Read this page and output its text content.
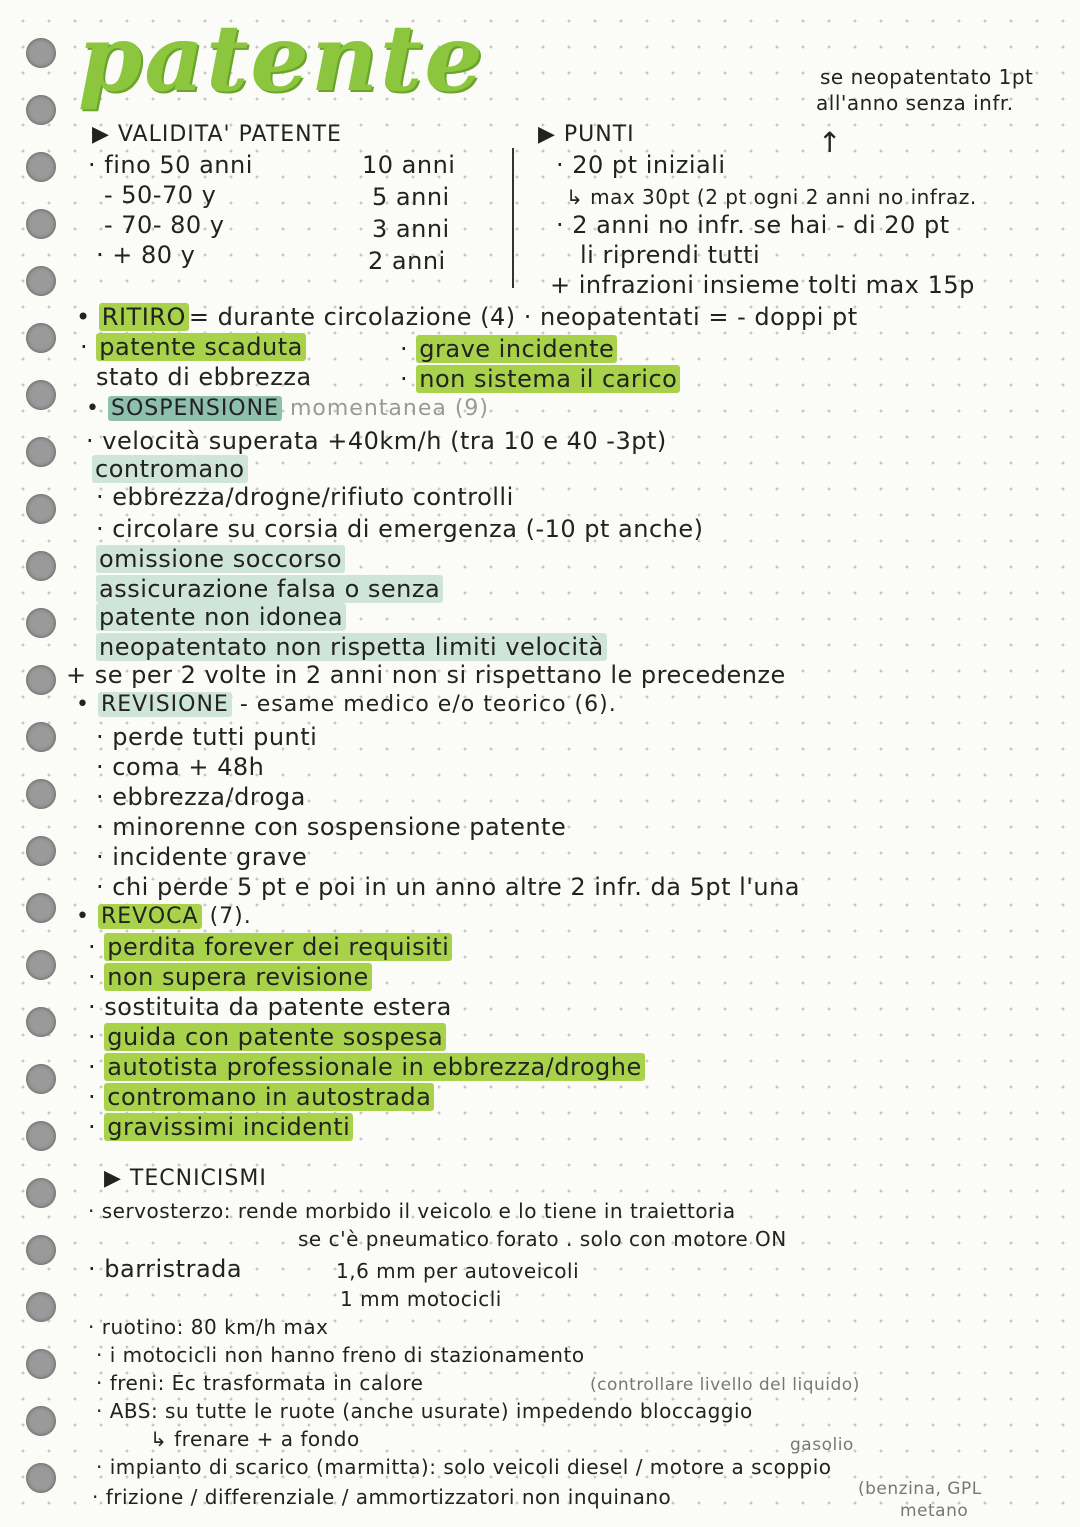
patente	se neopatentato 1pt
all'anno senza infr.
↑
▶ VALIDITA' PATENTE
· fino 50 anni	10 anni
- 50-70 y	5 anni
- 70- 80 y	3 anni
· + 80 y	2 anni
▶ PUNTI
· 20 pt iniziali
↳ max 30pt (2 pt ogni 2 anni no infraz.
· 2 anni no infr. se hai - di 20 pt
li riprendi tutti
+ infrazioni insieme tolti max 15p
• RITIRO = durante circolazione (4) · neopatentati = - doppi pt
· patente scaduta
stato di ebbrezza
· grave incidente
· non sistema il carico
• SOSPENSIONE momentanea (9)
· velocità superata +40km/h (tra 10 e 40 -3pt)
contromano
· ebbrezza/drogne/rifiuto controlli
· circolare su corsia di emergenza (-10 pt anche)
omissione soccorso
assicurazione falsa o senza
patente non idonea
neopatentato non rispetta limiti velocità
+ se per 2 volte in 2 anni non si rispettano le precedenze
• REVISIONE - esame medico e/o teorico (6).
· perde tutti punti
· coma + 48h
· ebbrezza/droga
· minorenne con sospensione patente
· incidente grave
· chi perde 5 pt e poi in un anno altre 2 infr. da 5pt l'una
• REVOCA (7).
· perdita forever dei requisiti
· non supera revisione
· sostituita da patente estera
· guida con patente sospesa
· autotista professionale in ebbrezza/droghe
· contromano in autostrada
· gravissimi incidenti
▶ TECNICISMI
· servosterzo: rende morbido il veicolo e lo tiene in traiettoria
se c'è pneumatico forato . solo con motore ON
· barristrada	1,6 mm per autoveicoli
1 mm motocicli
· ruotino: 80 km/h max
· i motocicli non hanno freno di stazionamento
· freni: Ec trasformata in calore	(controllare livello del liquido)
· ABS: su tutte le ruote (anche usurate) impedendo bloccaggio
↳ frenare + a fondo	gasolio
· impianto di scarico (marmitta): solo veicoli diesel / motore a scoppio
· frizione / differenziale / ammortizzatori non inquinano	(benzina, GPL
metano
